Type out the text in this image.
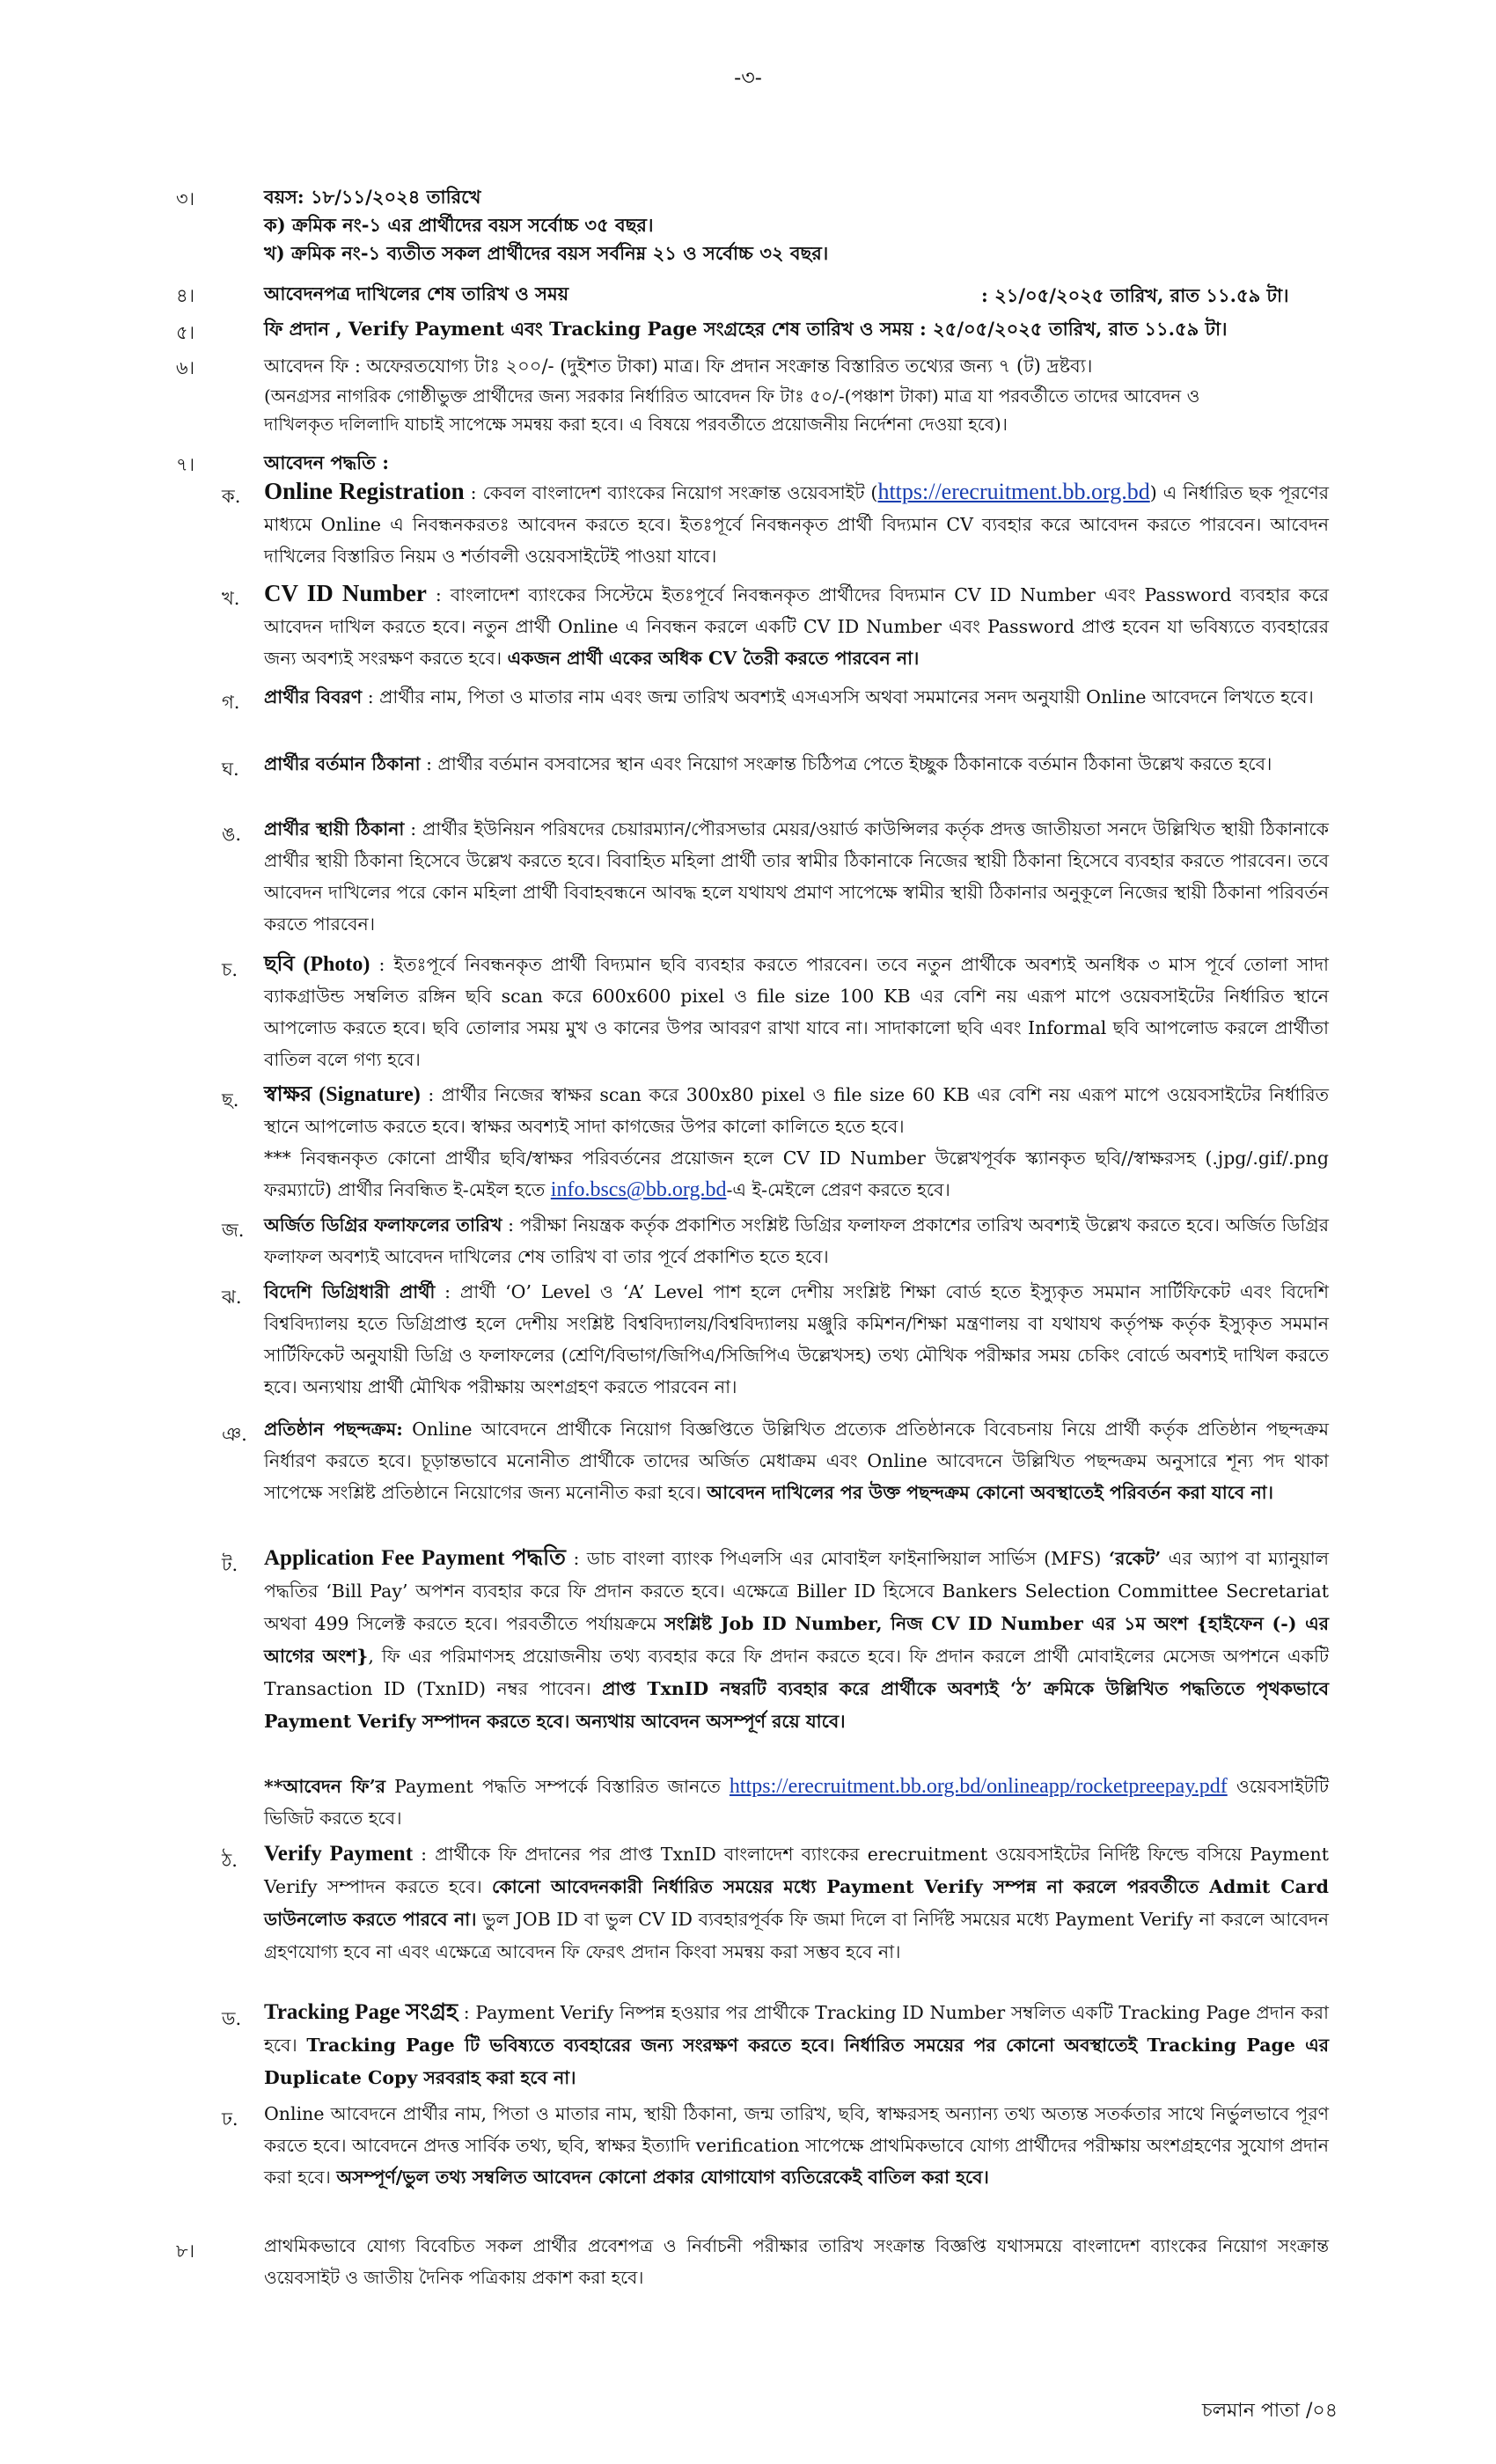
-৩-
৩।	বয়স: ১৮/১১/২০২৪ তারিখে
ক) ক্রমিক নং-১ এর প্রার্থীদের বয়স সর্বোচ্চ ৩৫ বছর।
খ) ক্রমিক নং-১ ব্যতীত সকল প্রার্থীদের বয়স সর্বনিম্ন ২১ ও সর্বোচ্চ ৩২ বছর।
৪।	আবেদনপত্র দাখিলের শেষ তারিখ ও সময়	: ২১/০৫/২০২৫ তারিখ, রাত ১১.৫৯ টা।
৫।	ফি প্রদান , Verify Payment এবং Tracking Page সংগ্রহের শেষ তারিখ ও সময় : ২৫/০৫/২০২৫ তারিখ, রাত ১১.৫৯ টা।
৬।	আবেদন ফি : অফেরতযোগ্য টাঃ ২০০/- (দুইশত টাকা) মাত্র। ফি প্রদান সংক্রান্ত বিস্তারিত তথ্যের জন্য ৭ (ট) দ্রষ্টব্য।
(অনগ্রসর নাগরিক গোষ্ঠীভুক্ত প্রার্থীদের জন্য সরকার নির্ধারিত আবেদন ফি টাঃ ৫০/-(পঞ্চাশ টাকা) মাত্র যা পরবর্তীতে তাদের আবেদন ও
দাখিলকৃত দলিলাদি যাচাই সাপেক্ষে সমন্বয় করা হবে। এ বিষয়ে পরবর্তীতে প্রয়োজনীয় নির্দেশনা দেওয়া হবে)।
৭।	আবেদন পদ্ধতি :
ক. Online Registration : কেবল বাংলাদেশ ব্যাংকের নিয়োগ সংক্রান্ত ওয়েবসাইট (https://erecruitment.bb.org.bd) এ নির্ধারিত ছক পূরণের মাধ্যমে Online এ নিবন্ধনকরতঃ আবেদন করতে হবে। ইতঃপূর্বে নিবন্ধনকৃত প্রার্থী বিদ্যমান CV ব্যবহার করে আবেদন করতে পারবেন। আবেদন দাখিলের বিস্তারিত নিয়ম ও শর্তাবলী ওয়েবসাইটেই পাওয়া যাবে।
খ. CV ID Number : বাংলাদেশ ব্যাংকের সিস্টেমে ইতঃপূর্বে নিবন্ধনকৃত প্রার্থীদের বিদ্যমান CV ID Number এবং Password ব্যবহার করে আবেদন দাখিল করতে হবে। নতুন প্রার্থী Online এ নিবন্ধন করলে একটি CV ID Number এবং Password প্রাপ্ত হবেন যা ভবিষ্যতে ব্যবহারের জন্য অবশ্যই সংরক্ষণ করতে হবে। একজন প্রার্থী একের অধিক CV তৈরী করতে পারবেন না।
গ. প্রার্থীর বিবরণ : প্রার্থীর নাম, পিতা ও মাতার নাম এবং জন্ম তারিখ অবশ্যই এসএসসি অথবা সমমানের সনদ অনুযায়ী Online আবেদনে লিখতে হবে।
ঘ. প্রার্থীর বর্তমান ঠিকানা : প্রার্থীর বর্তমান বসবাসের স্থান এবং নিয়োগ সংক্রান্ত চিঠিপত্র পেতে ইচ্ছুক ঠিকানাকে বর্তমান ঠিকানা উল্লেখ করতে হবে।
ঙ. প্রার্থীর স্থায়ী ঠিকানা : প্রার্থীর ইউনিয়ন পরিষদের চেয়ারম্যান/পৌরসভার মেয়র/ওয়ার্ড কাউন্সিলর কর্তৃক প্রদত্ত জাতীয়তা সনদে উল্লিখিত স্থায়ী ঠিকানাকে প্রার্থীর স্থায়ী ঠিকানা হিসেবে উল্লেখ করতে হবে। বিবাহিত মহিলা প্রার্থী তার স্বামীর ঠিকানাকে নিজের স্থায়ী ঠিকানা হিসেবে ব্যবহার করতে পারবেন। তবে আবেদন দাখিলের পরে কোন মহিলা প্রার্থী বিবাহবন্ধনে আবদ্ধ হলে যথাযথ প্রমাণ সাপেক্ষে স্বামীর স্থায়ী ঠিকানার অনুকূলে নিজের স্থায়ী ঠিকানা পরিবর্তন করতে পারবেন।
চ. ছবি (Photo) : ইতঃপূর্বে নিবন্ধনকৃত প্রার্থী বিদ্যমান ছবি ব্যবহার করতে পারবেন। তবে নতুন প্রার্থীকে অবশ্যই অনধিক ৩ মাস পূর্বে তোলা সাদা ব্যাকগ্রাউন্ড সম্বলিত রঙ্গিন ছবি scan করে 600x600 pixel ও file size 100 KB এর বেশি নয় এরূপ মাপে ওয়েবসাইটের নির্ধারিত স্থানে আপলোড করতে হবে। ছবি তোলার সময় মুখ ও কানের উপর আবরণ রাখা যাবে না। সাদাকালো ছবি এবং Informal ছবি আপলোড করলে প্রার্থীতা বাতিল বলে গণ্য হবে।
ছ. স্বাক্ষর (Signature) : প্রার্থীর নিজের স্বাক্ষর scan করে 300x80 pixel ও file size 60 KB এর বেশি নয় এরূপ মাপে ওয়েবসাইটের নির্ধারিত স্থানে আপলোড করতে হবে। স্বাক্ষর অবশ্যই সাদা কাগজের উপর কালো কালিতে হতে হবে।
*** নিবন্ধনকৃত কোনো প্রার্থীর ছবি/স্বাক্ষর পরিবর্তনের প্রয়োজন হলে CV ID Number উল্লেখপূর্বক স্ক্যানকৃত ছবি//স্বাক্ষরসহ (.jpg/.gif/.png ফরম্যাটে) প্রার্থীর নিবন্ধিত ই-মেইল হতে info.bscs@bb.org.bd-এ ই-মেইলে প্রেরণ করতে হবে।
জ. অর্জিত ডিগ্রির ফলাফলের তারিখ : পরীক্ষা নিয়ন্ত্রক কর্তৃক প্রকাশিত সংশ্লিষ্ট ডিগ্রির ফলাফল প্রকাশের তারিখ অবশ্যই উল্লেখ করতে হবে। অর্জিত ডিগ্রির ফলাফল অবশ্যই আবেদন দাখিলের শেষ তারিখ বা তার পূর্বে প্রকাশিত হতে হবে।
ঝ. বিদেশি ডিগ্রিধারী প্রার্থী : প্রার্থী ‘O’ Level ও ‘A’ Level পাশ হলে দেশীয় সংশ্লিষ্ট শিক্ষা বোর্ড হতে ইস্যুকৃত সমমান সার্টিফিকেট এবং বিদেশি বিশ্ববিদ্যালয় হতে ডিগ্রিপ্রাপ্ত হলে দেশীয় সংশ্লিষ্ট বিশ্ববিদ্যালয়/বিশ্ববিদ্যালয় মঞ্জুরি কমিশন/শিক্ষা মন্ত্রণালয় বা যথাযথ কর্তৃপক্ষ কর্তৃক ইস্যুকৃত সমমান সার্টিফিকেট অনুযায়ী ডিগ্রি ও ফলাফলের (শ্রেণি/বিভাগ/জিপিএ/সিজিপিএ উল্লেখসহ) তথ্য মৌখিক পরীক্ষার সময় চেকিং বোর্ডে অবশ্যই দাখিল করতে হবে। অন্যথায় প্রার্থী মৌখিক পরীক্ষায় অংশগ্রহণ করতে পারবেন না।
ঞ. প্রতিষ্ঠান পছন্দক্রম: Online আবেদনে প্রার্থীকে নিয়োগ বিজ্ঞপ্তিতে উল্লিখিত প্রত্যেক প্রতিষ্ঠানকে বিবেচনায় নিয়ে প্রার্থী কর্তৃক প্রতিষ্ঠান পছন্দক্রম নির্ধারণ করতে হবে। চূড়ান্তভাবে মনোনীত প্রার্থীকে তাদের অর্জিত মেধাক্রম এবং Online আবেদনে উল্লিখিত পছন্দক্রম অনুসারে শূন্য পদ থাকা সাপেক্ষে সংশ্লিষ্ট প্রতিষ্ঠানে নিয়োগের জন্য মনোনীত করা হবে। আবেদন দাখিলের পর উক্ত পছন্দক্রম কোনো অবস্থাতেই পরিবর্তন করা যাবে না।
ট. Application Fee Payment পদ্ধতি : ডাচ বাংলা ব্যাংক পিএলসি এর মোবাইল ফাইনান্সিয়াল সার্ভিস (MFS) ‘রকেট’ এর অ্যাপ বা ম্যানুয়াল পদ্ধতির ‘Bill Pay’ অপশন ব্যবহার করে ফি প্রদান করতে হবে। এক্ষেত্রে Biller ID হিসেবে Bankers Selection Committee Secretariat অথবা 499 সিলেক্ট করতে হবে। পরবর্তীতে পর্যায়ক্রমে সংশ্লিষ্ট Job ID Number, নিজ CV ID Number এর ১ম অংশ {হাইফেন (-) এর আগের অংশ}, ফি এর পরিমাণসহ প্রয়োজনীয় তথ্য ব্যবহার করে ফি প্রদান করতে হবে। ফি প্রদান করলে প্রার্থী মোবাইলের মেসেজ অপশনে একটি Transaction ID (TxnID) নম্বর পাবেন। প্রাপ্ত TxnID নম্বরটি ব্যবহার করে প্রার্থীকে অবশ্যই ‘ঠ’ ক্রমিকে উল্লিখিত পদ্ধতিতে পৃথকভাবে Payment Verify সম্পাদন করতে হবে। অন্যথায় আবেদন অসম্পূর্ণ রয়ে যাবে।
**আবেদন ফি’র Payment পদ্ধতি সম্পর্কে বিস্তারিত জানতে https://erecruitment.bb.org.bd/onlineapp/rocketpreepay.pdf ওয়েবসাইটটি ভিজিট করতে হবে।
ঠ. Verify Payment : প্রার্থীকে ফি প্রদানের পর প্রাপ্ত TxnID বাংলাদেশ ব্যাংকের erecruitment ওয়েবসাইটের নির্দিষ্ট ফিল্ডে বসিয়ে Payment Verify সম্পাদন করতে হবে। কোনো আবেদনকারী নির্ধারিত সময়ের মধ্যে Payment Verify সম্পন্ন না করলে পরবর্তীতে Admit Card ডাউনলোড করতে পারবে না। ভুল JOB ID বা ভুল CV ID ব্যবহারপূর্বক ফি জমা দিলে বা নির্দিষ্ট সময়ের মধ্যে Payment Verify না করলে আবেদন গ্রহণযোগ্য হবে না এবং এক্ষেত্রে আবেদন ফি ফেরৎ প্রদান কিংবা সমন্বয় করা সম্ভব হবে না।
ড. Tracking Page সংগ্রহ : Payment Verify নিষ্পন্ন হওয়ার পর প্রার্থীকে Tracking ID Number সম্বলিত একটি Tracking Page প্রদান করা হবে। Tracking Page টি ভবিষ্যতে ব্যবহারের জন্য সংরক্ষণ করতে হবে। নির্ধারিত সময়ের পর কোনো অবস্থাতেই Tracking Page এর Duplicate Copy সরবরাহ করা হবে না।
ঢ. Online আবেদনে প্রার্থীর নাম, পিতা ও মাতার নাম, স্থায়ী ঠিকানা, জন্ম তারিখ, ছবি, স্বাক্ষরসহ অন্যান্য তথ্য অত্যন্ত সতর্কতার সাথে নির্ভুলভাবে পূরণ করতে হবে। আবেদনে প্রদত্ত সার্বিক তথ্য, ছবি, স্বাক্ষর ইত্যাদি verification সাপেক্ষে প্রাথমিকভাবে যোগ্য প্রার্থীদের পরীক্ষায় অংশগ্রহণের সুযোগ প্রদান করা হবে। অসম্পূর্ণ/ভুল তথ্য সম্বলিত আবেদন কোনো প্রকার যোগাযোগ ব্যতিরেকেই বাতিল করা হবে।
৮।	প্রাথমিকভাবে যোগ্য বিবেচিত সকল প্রার্থীর প্রবেশপত্র ও নির্বাচনী পরীক্ষার তারিখ সংক্রান্ত বিজ্ঞপ্তি যথাসময়ে বাংলাদেশ ব্যাংকের নিয়োগ সংক্রান্ত ওয়েবসাইট ও জাতীয় দৈনিক পত্রিকায় প্রকাশ করা হবে।
চলমান পাতা /০৪
